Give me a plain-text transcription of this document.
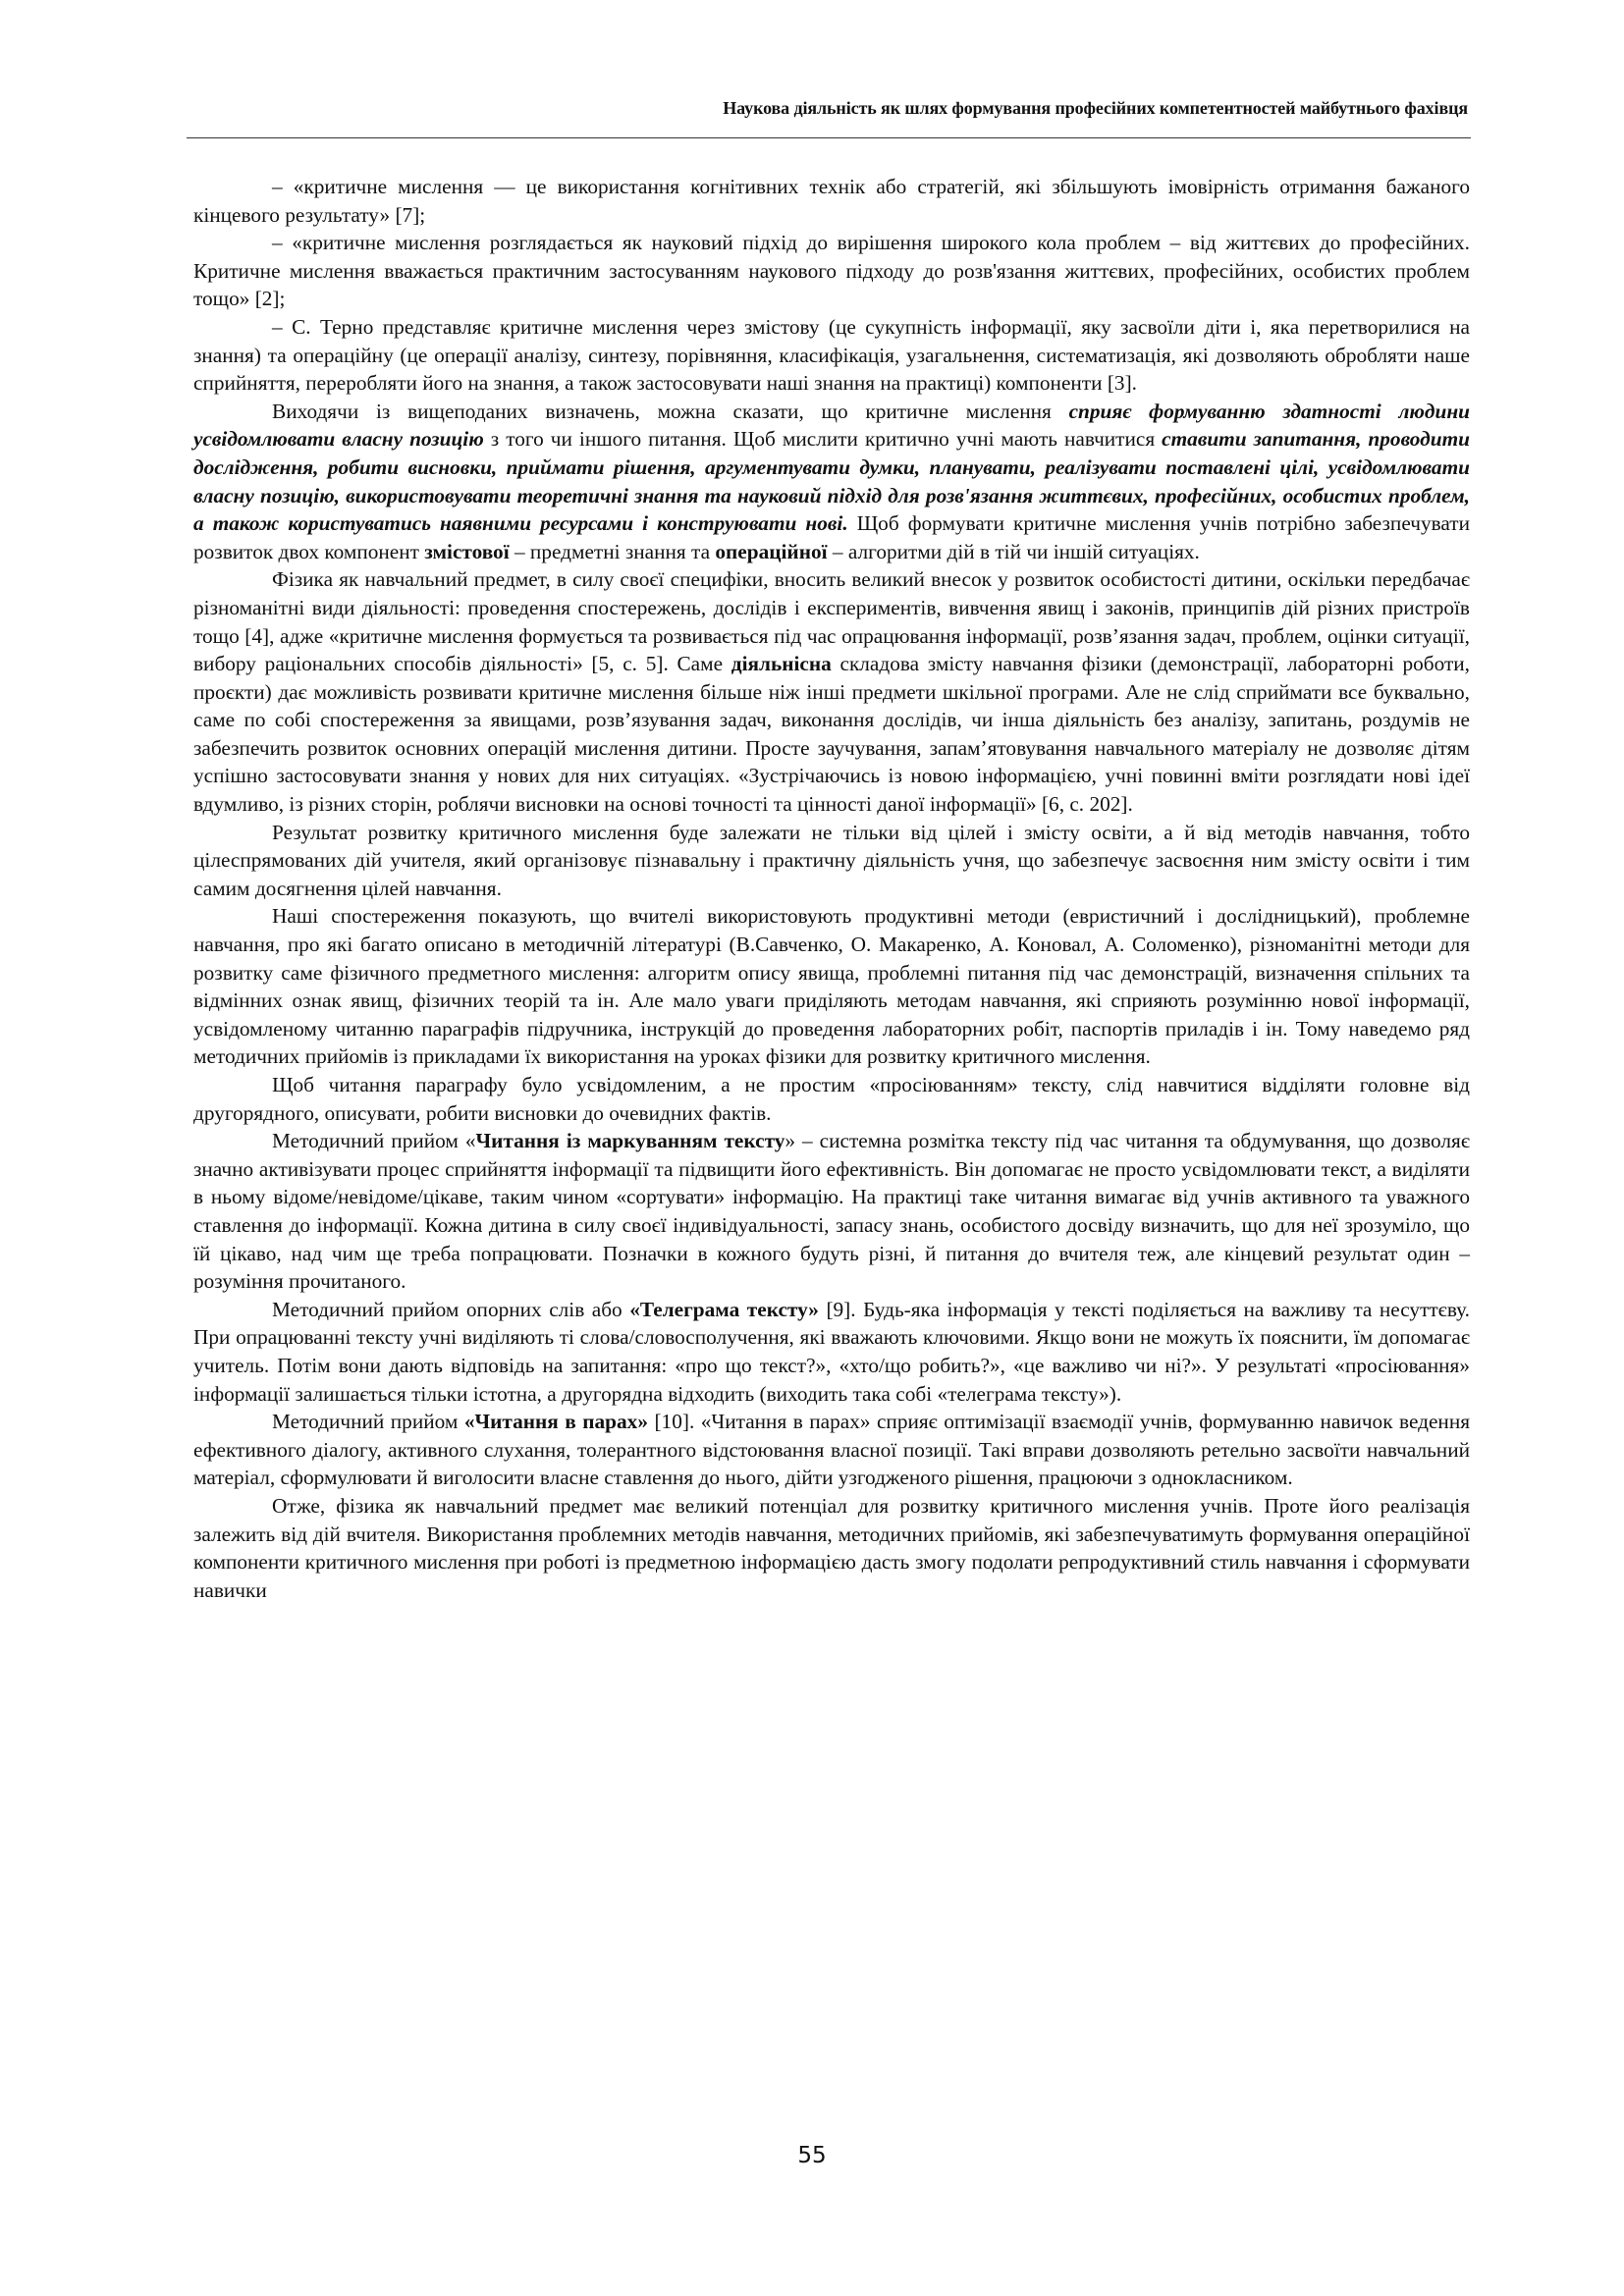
Наукова діяльність як шлях формування професійних компетентностей майбутнього фахівця

– «критичне мислення — це використання когнітивних технік або стратегій, які збільшують імовірність отримання бажаного кінцевого результату» [7];

– «критичне мислення розглядається як науковий підхід до вирішення широкого кола проблем – від життєвих до професійних. Критичне мислення вважається практичним застосуванням наукового підходу до розв'язання життєвих, професійних, особистих проблем тощо» [2];

– С. Терно представляє критичне мислення через змістову (це сукупність інформації, яку засвоїли діти і, яка перетворилися на знання) та операційну (це операції аналізу, синтезу, порівняння, класифікація, узагальнення, систематизація, які дозволяють обробляти наше сприйняття, переробляти його на знання, а також застосовувати наші знання на практиці) компоненти [3].

Виходячи із вищеподаних визначень, можна сказати, що критичне мислення сприяє формуванню здатності людини усвідомлювати власну позицію з того чи іншого питання. Щоб мислити критично учні мають навчитися ставити запитання, проводити дослідження, робити висновки, приймати рішення, аргументувати думки, планувати, реалізувати поставлені цілі, усвідомлювати власну позицію, використовувати теоретичні знання та науковий підхід для розв'язання життєвих, професійних, особистих проблем, а також користуватись наявними ресурсами і конструювати нові. Щоб формувати критичне мислення учнів потрібно забезпечувати розвиток двох компонент змістової – предметні знання та операційної – алгоритми дій в тій чи іншій ситуаціях.

Фізика як навчальний предмет, в силу своєї специфіки, вносить великий внесок у розвиток особистості дитини, оскільки передбачає різноманітні види діяльності: проведення спостережень, дослідів і експериментів, вивчення явищ і законів, принципів дій різних пристроїв тощо [4], адже «критичне мислення формується та розвивається під час опрацювання інформації, розв’язання задач, проблем, оцінки ситуації, вибору раціональних способів діяльності» [5, с. 5]. Саме діяльнісна складова змісту навчання фізики (демонстрації, лабораторні роботи, проєкти) дає можливість розвивати критичне мислення більше ніж інші предмети шкільної програми. Але не слід сприймати все буквально, саме по собі спостереження за явищами, розв’язування задач, виконання дослідів, чи інша діяльність без аналізу, запитань, роздумів не забезпечить розвиток основних операцій мислення дитини. Просте заучування, запам’ятовування навчального матеріалу не дозволяє дітям успішно застосовувати знання у нових для них ситуаціях. «Зустрічаючись із новою інформацією, учні повинні вміти розглядати нові ідеї вдумливо, із різних сторін, роблячи висновки на основі точності та цінності даної інформації» [6, с. 202].

Результат розвитку критичного мислення буде залежати не тільки від цілей і змісту освіти, а й від методів навчання, тобто цілеспрямованих дій учителя, який організовує пізнавальну і практичну діяльність учня, що забезпечує засвоєння ним змісту освіти і тим самим досягнення цілей навчання.

Наші спостереження показують, що вчителі використовують продуктивні методи (евристичний і дослідницький), проблемне навчання, про які багато описано в методичній літературі (В.Савченко, О. Макаренко, А. Коновал, А. Соломенко), різноманітні методи для розвитку саме фізичного предметного мислення: алгоритм опису явища, проблемні питання під час демонстрацій, визначення спільних та відмінних ознак явищ, фізичних теорій та ін. Але мало уваги приділяють методам навчання, які сприяють розумінню нової інформації, усвідомленому читанню параграфів підручника, інструкцій до проведення лабораторних робіт, паспортів приладів і ін. Тому наведемо ряд методичних прийомів із прикладами їх використання на уроках фізики для розвитку критичного мислення.

Щоб читання параграфу було усвідомленим, а не простим «просіюванням» тексту, слід навчитися відділяти головне від другорядного, описувати, робити висновки до очевидних фактів.

Методичний прийом «Читання із маркуванням тексту» – системна розмітка тексту під час читання та обдумування, що дозволяє значно активізувати процес сприйняття інформації та підвищити його ефективність. Він допомагає не просто усвідомлювати текст, а виділяти в ньому відоме/невідоме/цікаве, таким чином «сортувати» інформацію. На практиці таке читання вимагає від учнів активного та уважного ставлення до інформації. Кожна дитина в силу своєї індивідуальності, запасу знань, особистого досвіду визначить, що для неї зрозуміло, що їй цікаво, над чим ще треба попрацювати. Позначки в кожного будуть різні, й питання до вчителя теж, але кінцевий результат один – розуміння прочитаного.

Методичний прийом опорних слів або «Телеграма тексту» [9]. Будь-яка інформація у тексті поділяється на важливу та несуттєву. При опрацюванні тексту учні виділяють ті слова/словосполучення, які вважають ключовими. Якщо вони не можуть їх пояснити, їм допомагає учитель. Потім вони дають відповідь на запитання: «про що текст?», «хто/що робить?», «це важливо чи ні?». У результаті «просіювання» інформації залишається тільки істотна, а другорядна відходить (виходить така собі «телеграма тексту»).

Методичний прийом «Читання в парах» [10]. «Читання в парах» сприяє оптимізації взаємодії учнів, формуванню навичок ведення ефективного діалогу, активного слухання, толерантного відстоювання власної позиції. Такі вправи дозволяють ретельно засвоїти навчальний матеріал, сформулювати й виголосити власне ставлення до нього, дійти узгодженого рішення, працюючи з однокласником.

Отже, фізика як навчальний предмет має великий потенціал для розвитку критичного мислення учнів. Проте його реалізація залежить від дій вчителя. Використання проблемних методів навчання, методичних прийомів, які забезпечуватимуть формування операційної компоненти критичного мислення при роботі із предметною інформацією дасть змогу подолати репродуктивний стиль навчання і сформувати навички

55
